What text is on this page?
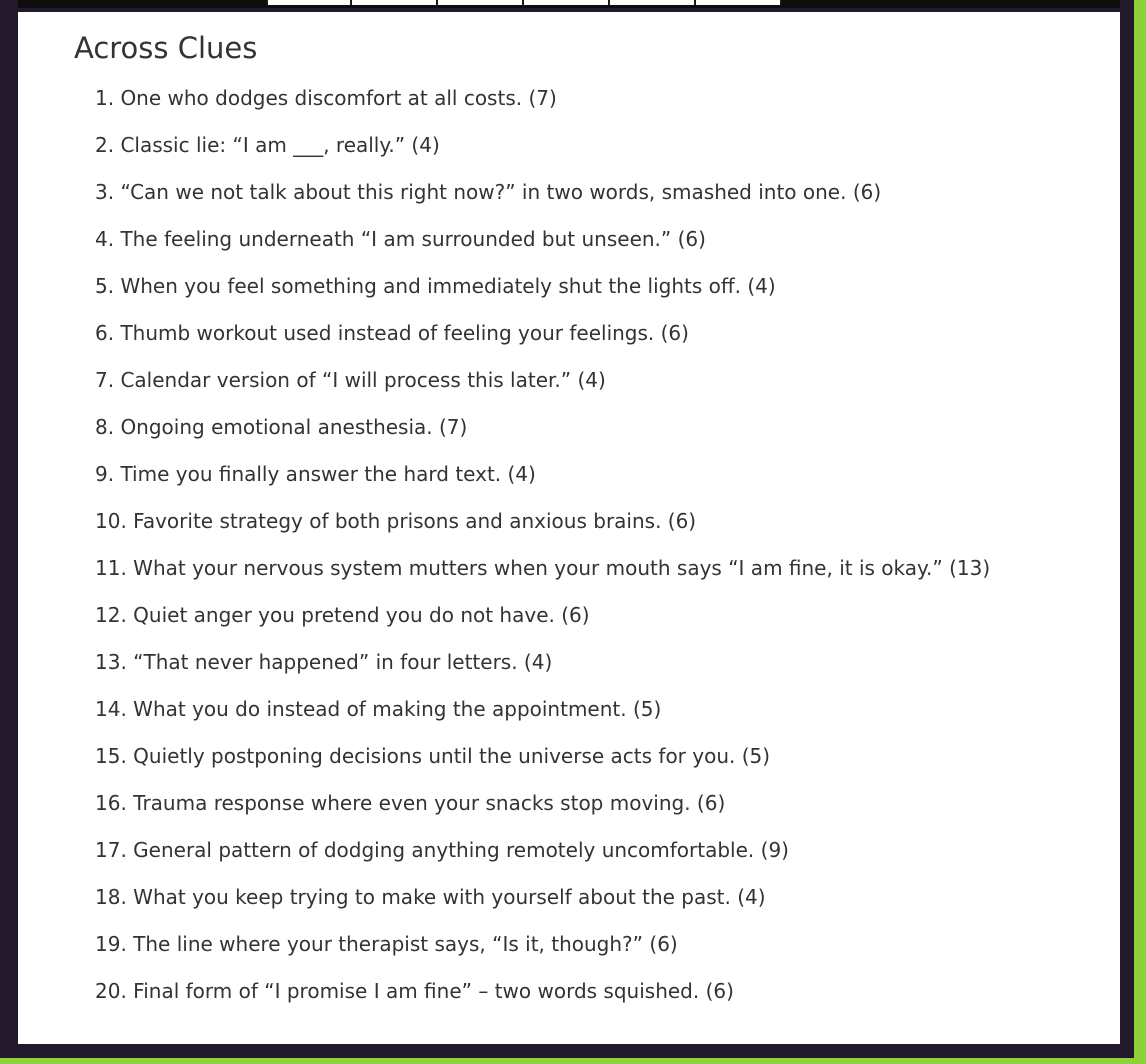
Across Clues
1. One who dodges discomfort at all costs. (7)
2. Classic lie: “I am ___, really.” (4)
3. “Can we not talk about this right now?” in two words, smashed into one. (6)
4. The feeling underneath “I am surrounded but unseen.” (6)
5. When you feel something and immediately shut the lights off. (4)
6. Thumb workout used instead of feeling your feelings. (6)
7. Calendar version of “I will process this later.” (4)
8. Ongoing emotional anesthesia. (7)
9. Time you finally answer the hard text. (4)
10. Favorite strategy of both prisons and anxious brains. (6)
11. What your nervous system mutters when your mouth says “I am fine, it is okay.” (13)
12. Quiet anger you pretend you do not have. (6)
13. “That never happened” in four letters. (4)
14. What you do instead of making the appointment. (5)
15. Quietly postponing decisions until the universe acts for you. (5)
16. Trauma response where even your snacks stop moving. (6)
17. General pattern of dodging anything remotely uncomfortable. (9)
18. What you keep trying to make with yourself about the past. (4)
19. The line where your therapist says, “Is it, though?” (6)
20. Final form of “I promise I am fine” – two words squished. (6)
